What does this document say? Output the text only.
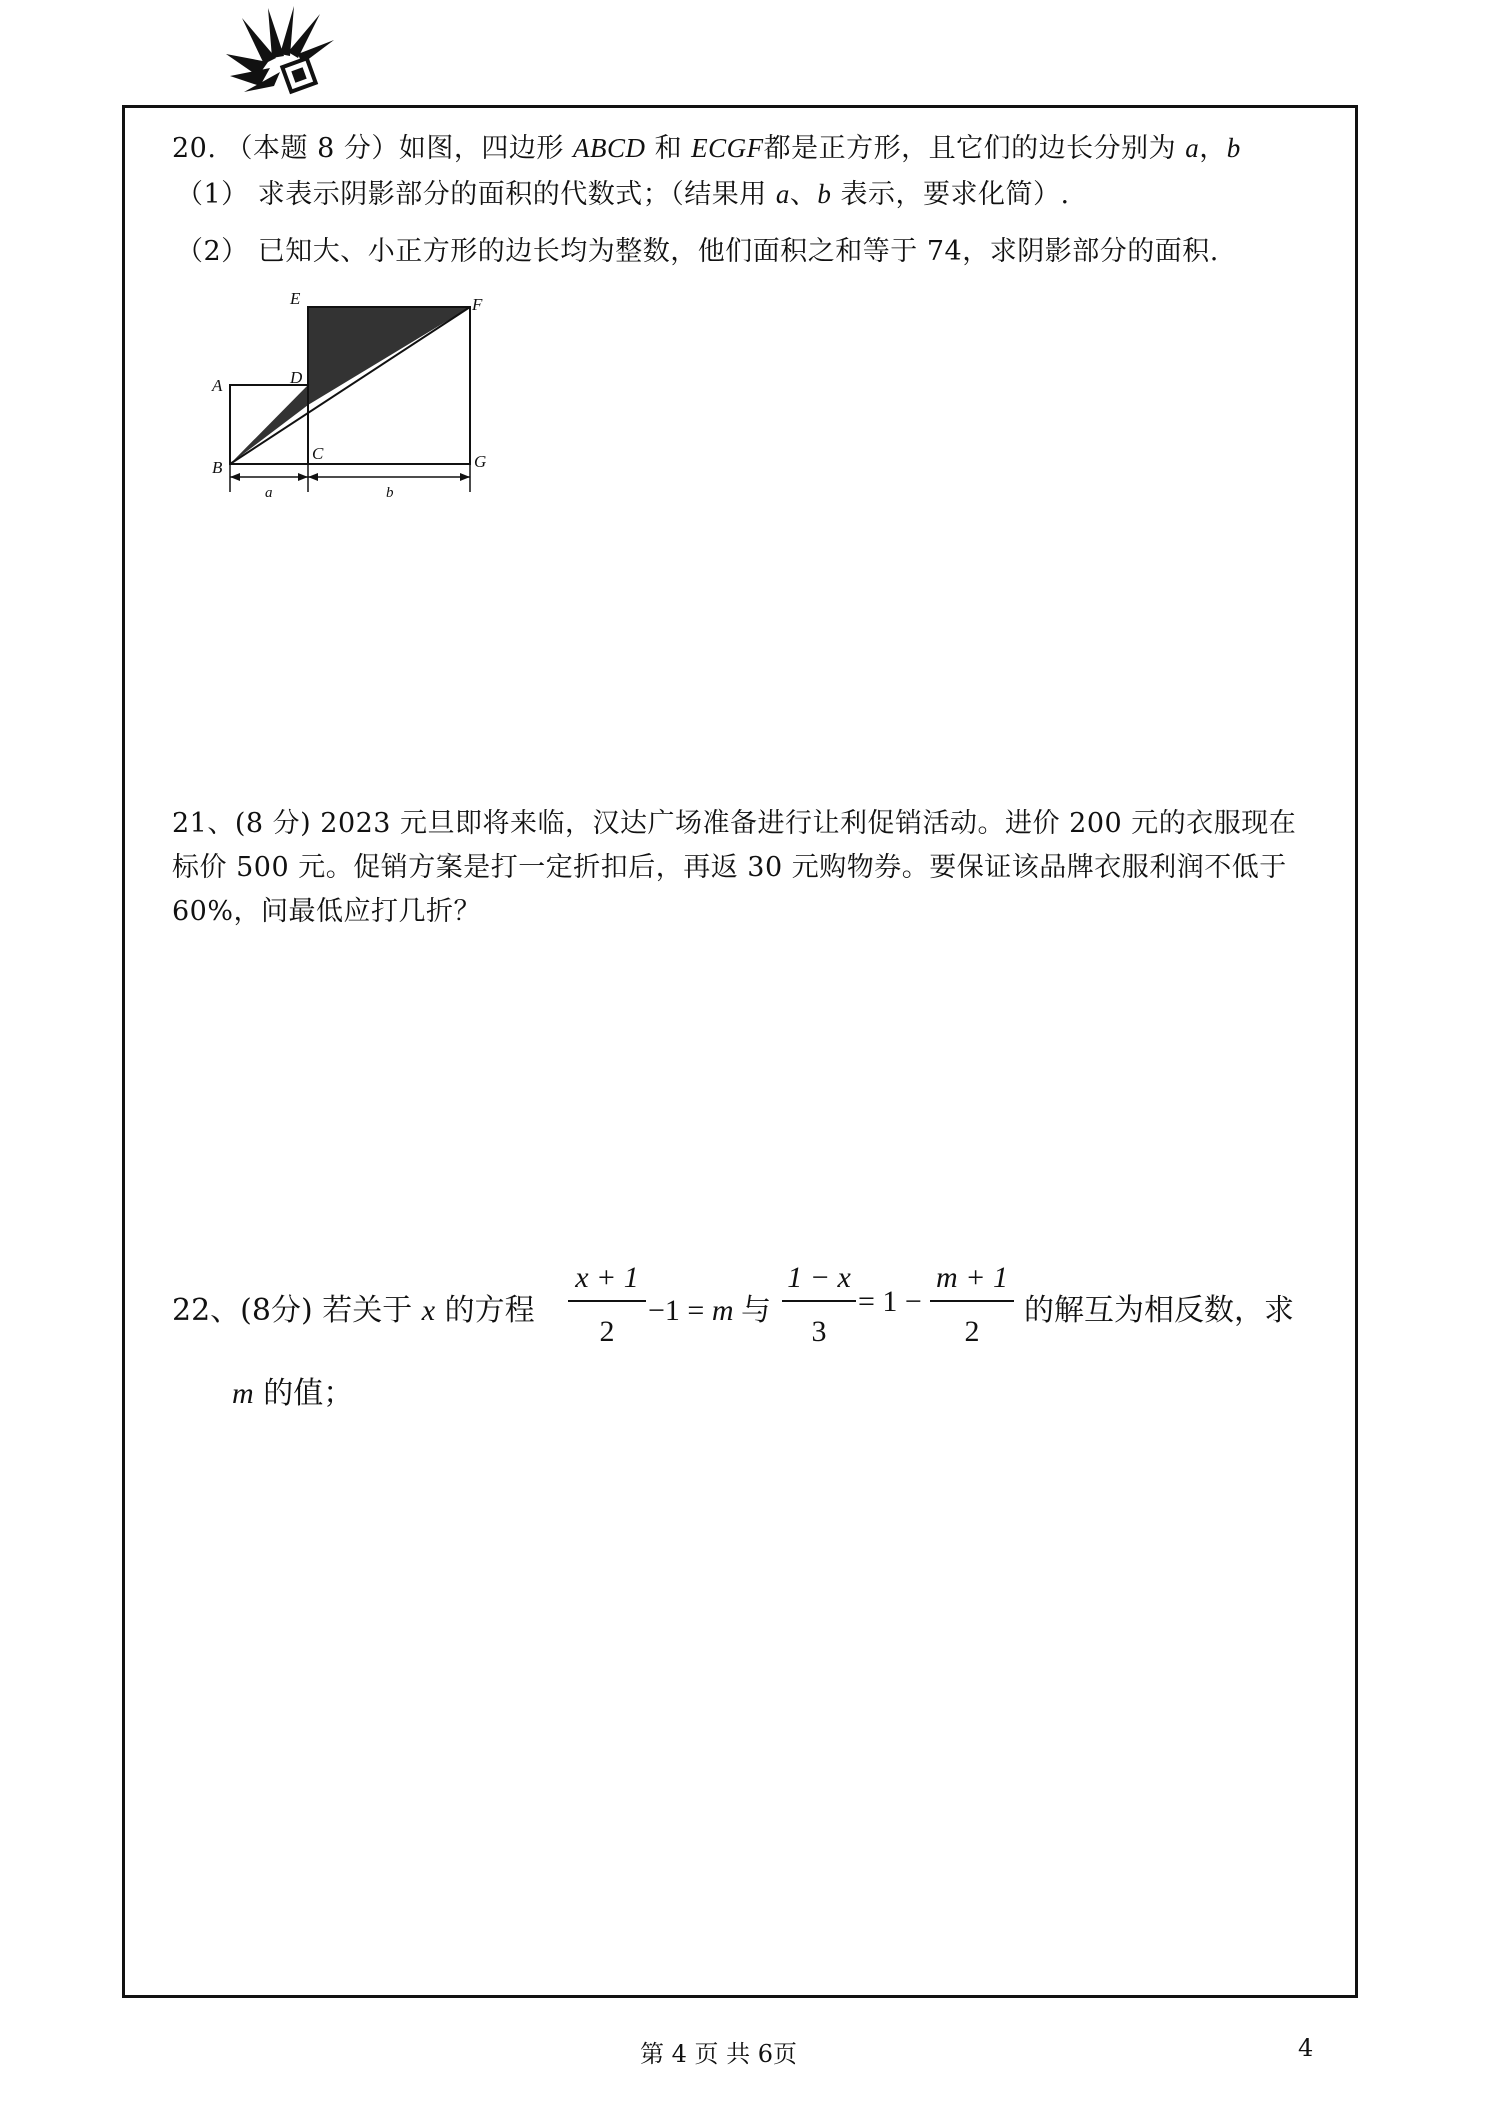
20. （本题 8 分）如图，四边形 ABCD 和 ECGF都是正方形，且它们的边长分别为 a，b
（1） 求表示阴影部分的面积的代数式；（结果用 a、b 表示，要求化简）.
（2） 已知大、小正方形的边长均为整数，他们面积之和等于 74，求阴影部分的面积.
E	F
A	D
B
C	G
a	b
21、(8 分) 2023 元旦即将来临，汉达广场准备进行让利促销活动。进价 200 元的衣服现在
标价 500 元。促销方案是打一定折扣后，再返 30 元购物券。要保证该品牌衣服利润不低于
60%，问最低应打几折？
22、(8分) 若关于 x 的方程
x + 1
2
−1 = m 与
1 − x
3
= 1 −
m + 1
2
的解互为相反数，求
m 的值；
第 4 页 共 6页	4
